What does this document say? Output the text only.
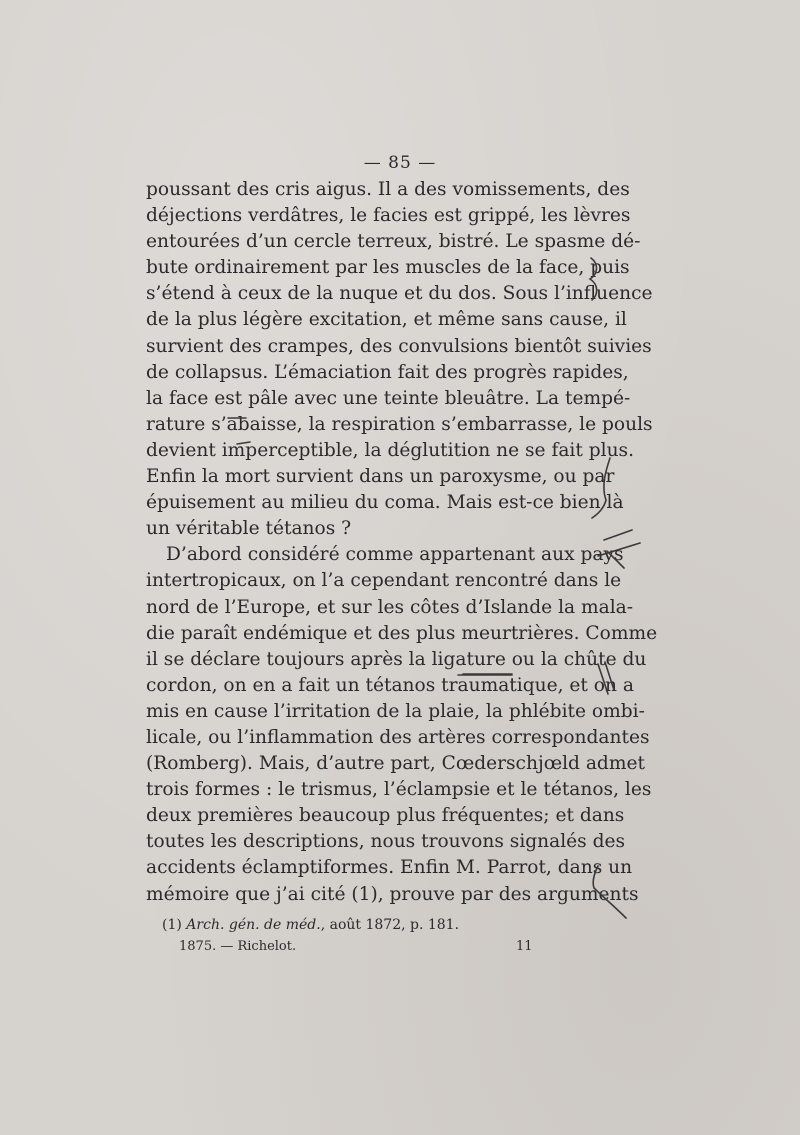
— 85 —
poussant des cris aigus. Il a des vomissements, des
déjections verdâtres, le facies est grippé, les lèvres
entourées d’un cercle terreux, bistré. Le spasme dé-
bute ordinairement par les muscles de la face, puis
s’étend à ceux de la nuque et du dos. Sous l’influence
de la plus légère excitation, et même sans cause, il
survient des crampes, des convulsions bientôt suivies
de collapsus. L’émaciation fait des progrès rapides,
la face est pâle avec une teinte bleuâtre. La tempé-
rature s’abaisse, la respiration s’embarrasse, le pouls
devient imperceptible, la déglutition ne se fait plus.
Enfin la mort survient dans un paroxysme, ou par
épuisement au milieu du coma. Mais est-ce bien là
un véritable tétanos ?
D’abord considéré comme appartenant aux pays
intertropicaux, on l’a cependant rencontré dans le
nord de l’Europe, et sur les côtes d’Islande la mala-
die paraît endémique et des plus meurtrières. Comme
il se déclare toujours après la ligature ou la chûte du
cordon, on en a fait un tétanos traumatique, et on a
mis en cause l’irritation de la plaie, la phlébite ombi-
licale, ou l’inflammation des artères correspondantes
(Romberg). Mais, d’autre part, Cœderschjœld admet
trois formes : le trismus, l’éclampsie et le tétanos, les
deux premières beaucoup plus fréquentes; et dans
toutes les descriptions, nous trouvons signalés des
accidents éclamptiformes. Enfin M. Parrot, dans un
mémoire que j’ai cité (1), prouve par des arguments
(1) Arch. gén. de méd., août 1872, p. 181.
1875. — Richelot.	11
